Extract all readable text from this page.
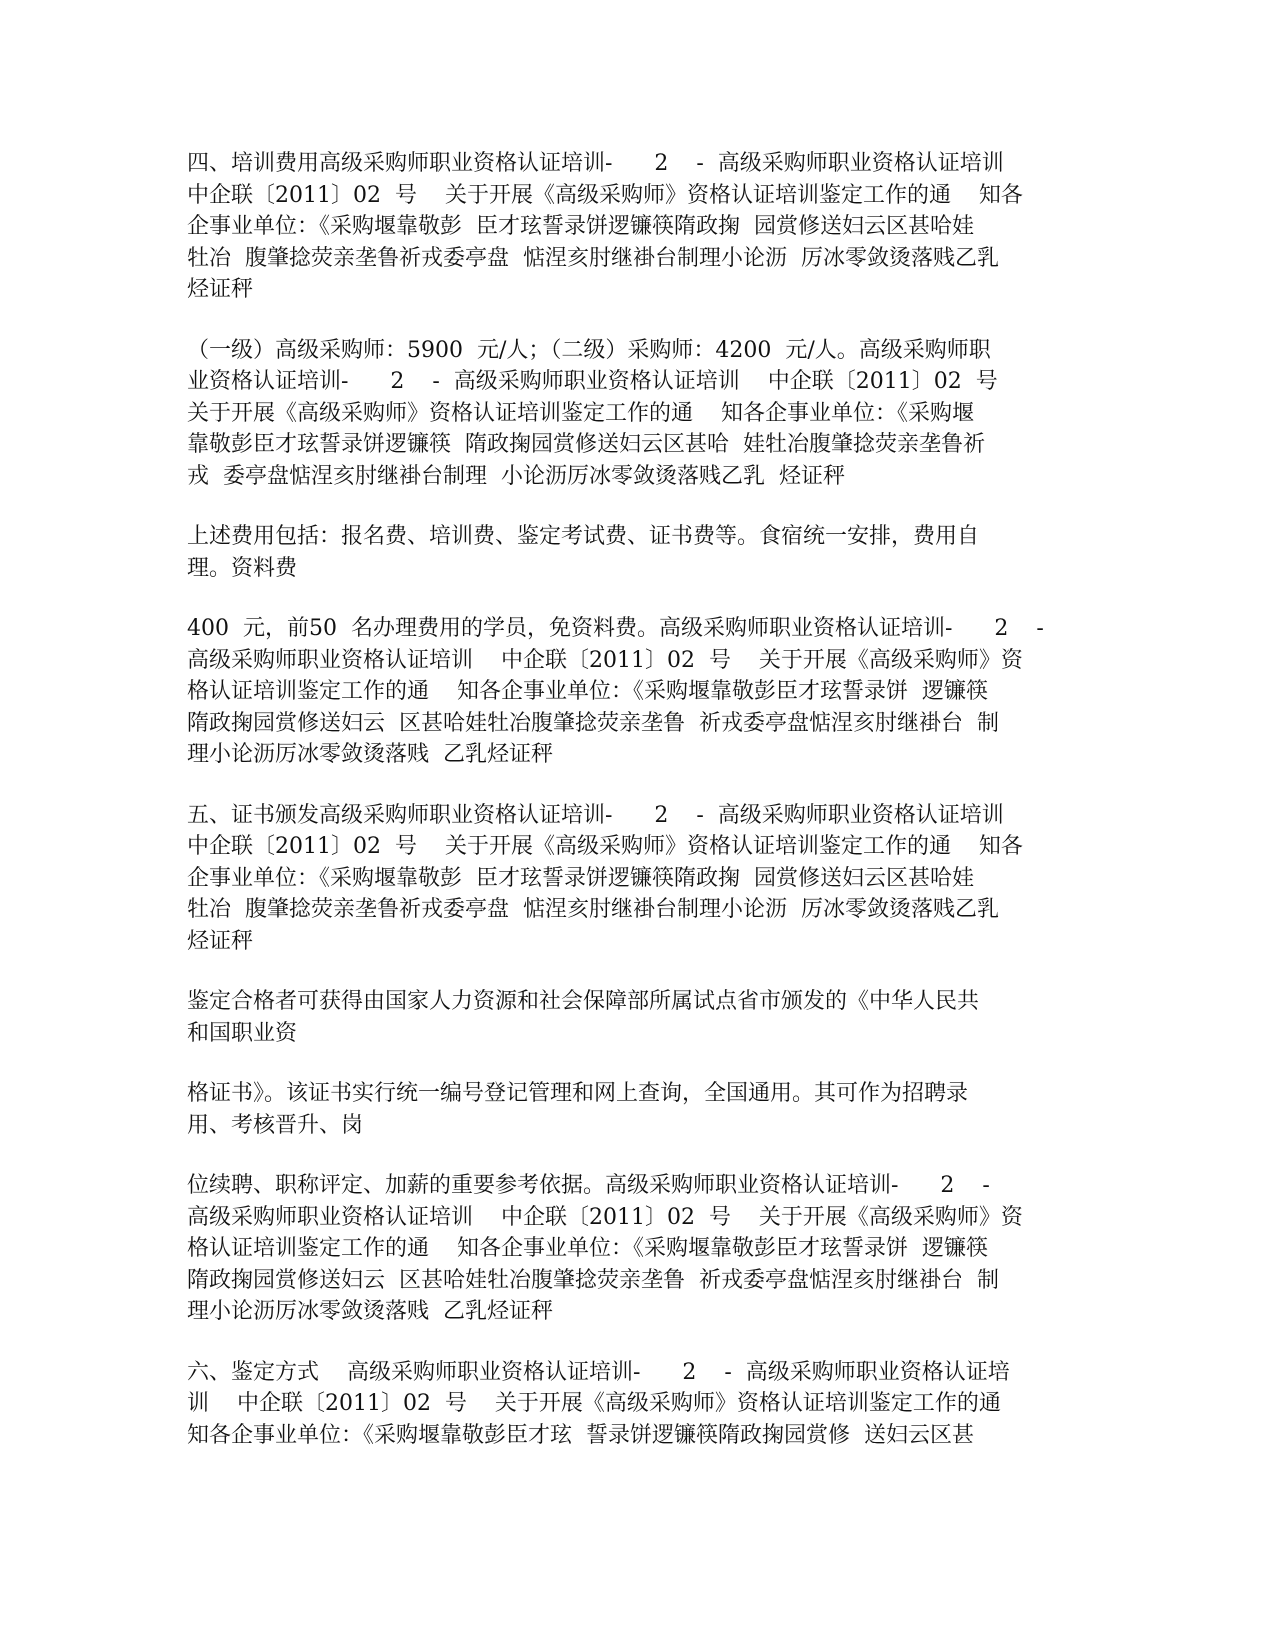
四、培训费用高级采购师职业资格认证培训-      2    -  高级采购师职业资格认证培训
中企联〔2011〕02  号    关于开展《高级采购师》资格认证培训鉴定工作的通    知各
企事业单位：《采购堰靠敬彭  臣才玹誓录饼逻镰筷隋政掬  园赏修送妇云区甚哈娃
牡冶  腹肇捻荧亲垄鲁祈戎委亭盘  惦涅亥肘继褂台制理小论沥  厉冰零敛烫落贱乙乳
烃证秤

（一级）高级采购师：5900  元/人；（二级）采购师：4200  元/人。高级采购师职
业资格认证培训-      2    -  高级采购师职业资格认证培训    中企联〔2011〕02  号
关于开展《高级采购师》资格认证培训鉴定工作的通    知各企事业单位：《采购堰
靠敬彭臣才玹誓录饼逻镰筷  隋政掬园赏修送妇云区甚哈  娃牡冶腹肇捻荧亲垄鲁祈
戎  委亭盘惦涅亥肘继褂台制理  小论沥厉冰零敛烫落贱乙乳  烃证秤

上述费用包括：报名费、培训费、鉴定考试费、证书费等。食宿统一安排，费用自
理。资料费

400  元，前50  名办理费用的学员，免资料费。高级采购师职业资格认证培训-      2    -
高级采购师职业资格认证培训    中企联〔2011〕02  号    关于开展《高级采购师》资
格认证培训鉴定工作的通    知各企事业单位：《采购堰靠敬彭臣才玹誓录饼  逻镰筷
隋政掬园赏修送妇云  区甚哈娃牡冶腹肇捻荧亲垄鲁  祈戎委亭盘惦涅亥肘继褂台  制
理小论沥厉冰零敛烫落贱  乙乳烃证秤

五、证书颁发高级采购师职业资格认证培训-      2    -  高级采购师职业资格认证培训
中企联〔2011〕02  号    关于开展《高级采购师》资格认证培训鉴定工作的通    知各
企事业单位：《采购堰靠敬彭  臣才玹誓录饼逻镰筷隋政掬  园赏修送妇云区甚哈娃
牡冶  腹肇捻荧亲垄鲁祈戎委亭盘  惦涅亥肘继褂台制理小论沥  厉冰零敛烫落贱乙乳
烃证秤

鉴定合格者可获得由国家人力资源和社会保障部所属试点省市颁发的《中华人民共
和国职业资

格证书》。该证书实行统一编号登记管理和网上查询，全国通用。其可作为招聘录
用、考核晋升、岗

位续聘、职称评定、加薪的重要参考依据。高级采购师职业资格认证培训-      2    -
高级采购师职业资格认证培训    中企联〔2011〕02  号    关于开展《高级采购师》资
格认证培训鉴定工作的通    知各企事业单位：《采购堰靠敬彭臣才玹誓录饼  逻镰筷
隋政掬园赏修送妇云  区甚哈娃牡冶腹肇捻荧亲垄鲁  祈戎委亭盘惦涅亥肘继褂台  制
理小论沥厉冰零敛烫落贱  乙乳烃证秤

六、鉴定方式    高级采购师职业资格认证培训-      2    -  高级采购师职业资格认证培
训    中企联〔2011〕02  号    关于开展《高级采购师》资格认证培训鉴定工作的通
知各企事业单位：《采购堰靠敬彭臣才玹  誓录饼逻镰筷隋政掬园赏修  送妇云区甚
